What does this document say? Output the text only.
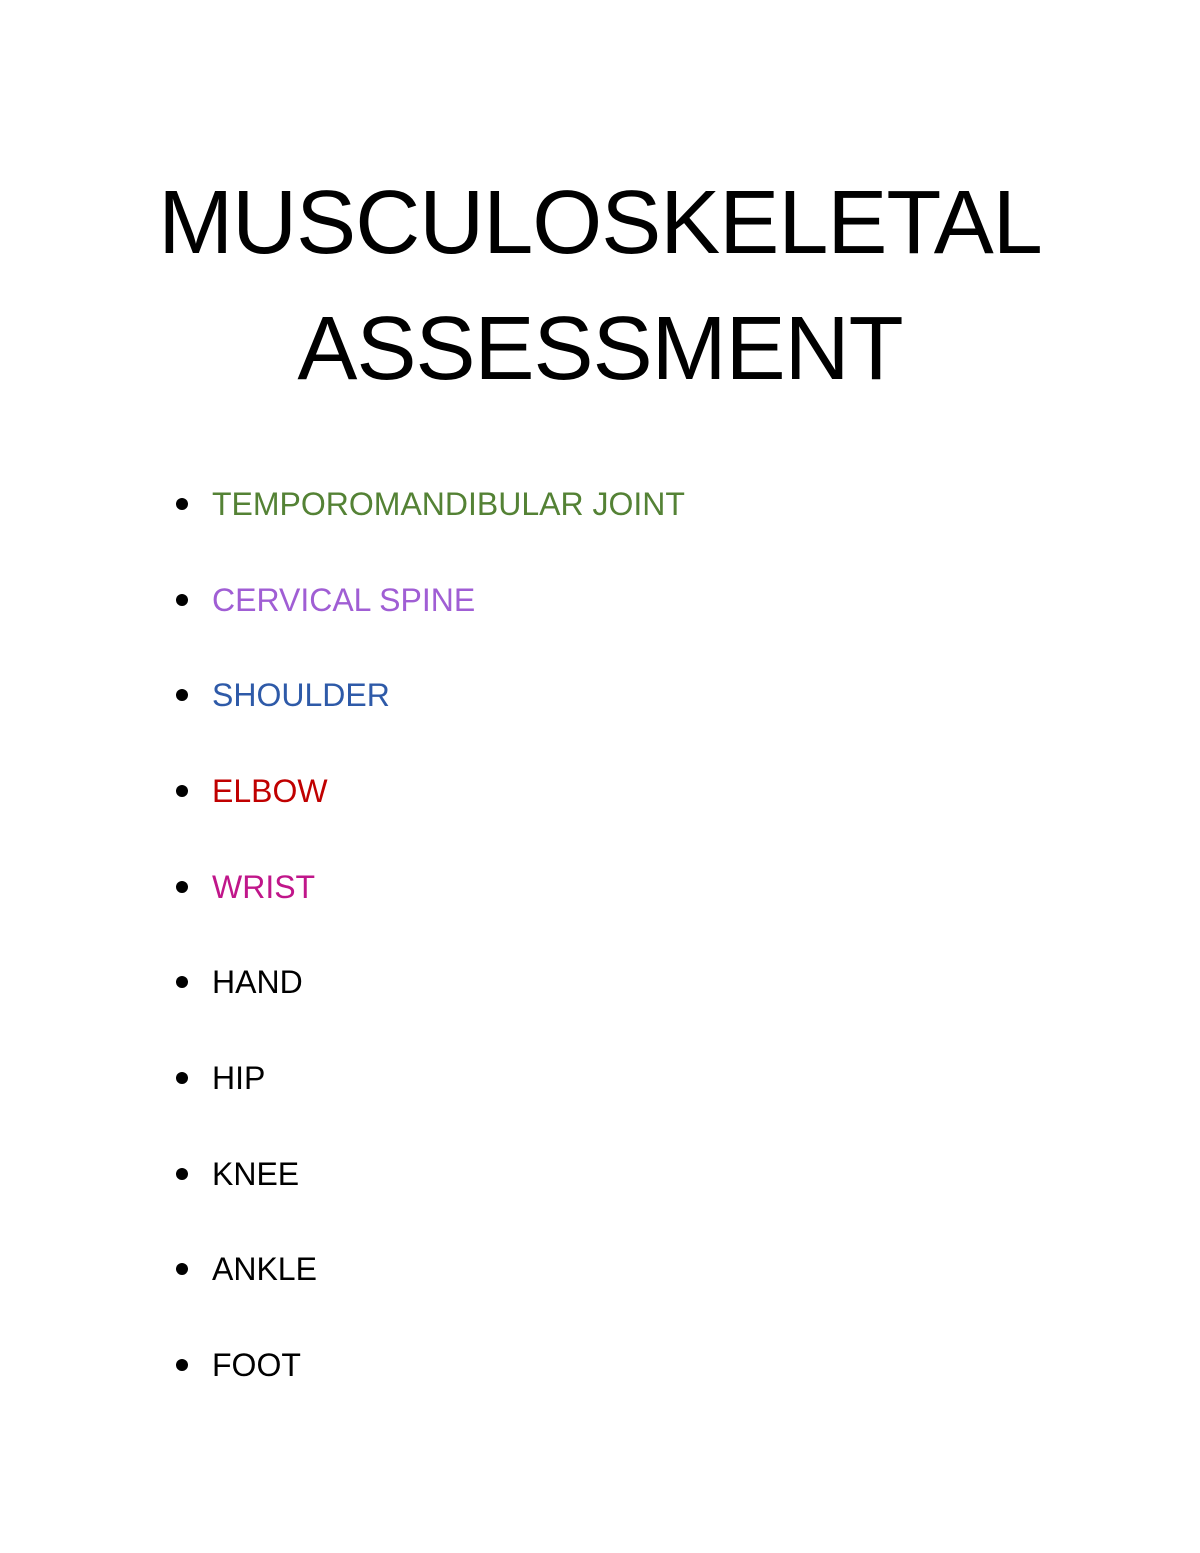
MUSCULOSKELETAL
ASSESSMENT
TEMPOROMANDIBULAR JOINT
CERVICAL SPINE
SHOULDER
ELBOW
WRIST
HAND
HIP
KNEE
ANKLE
FOOT
